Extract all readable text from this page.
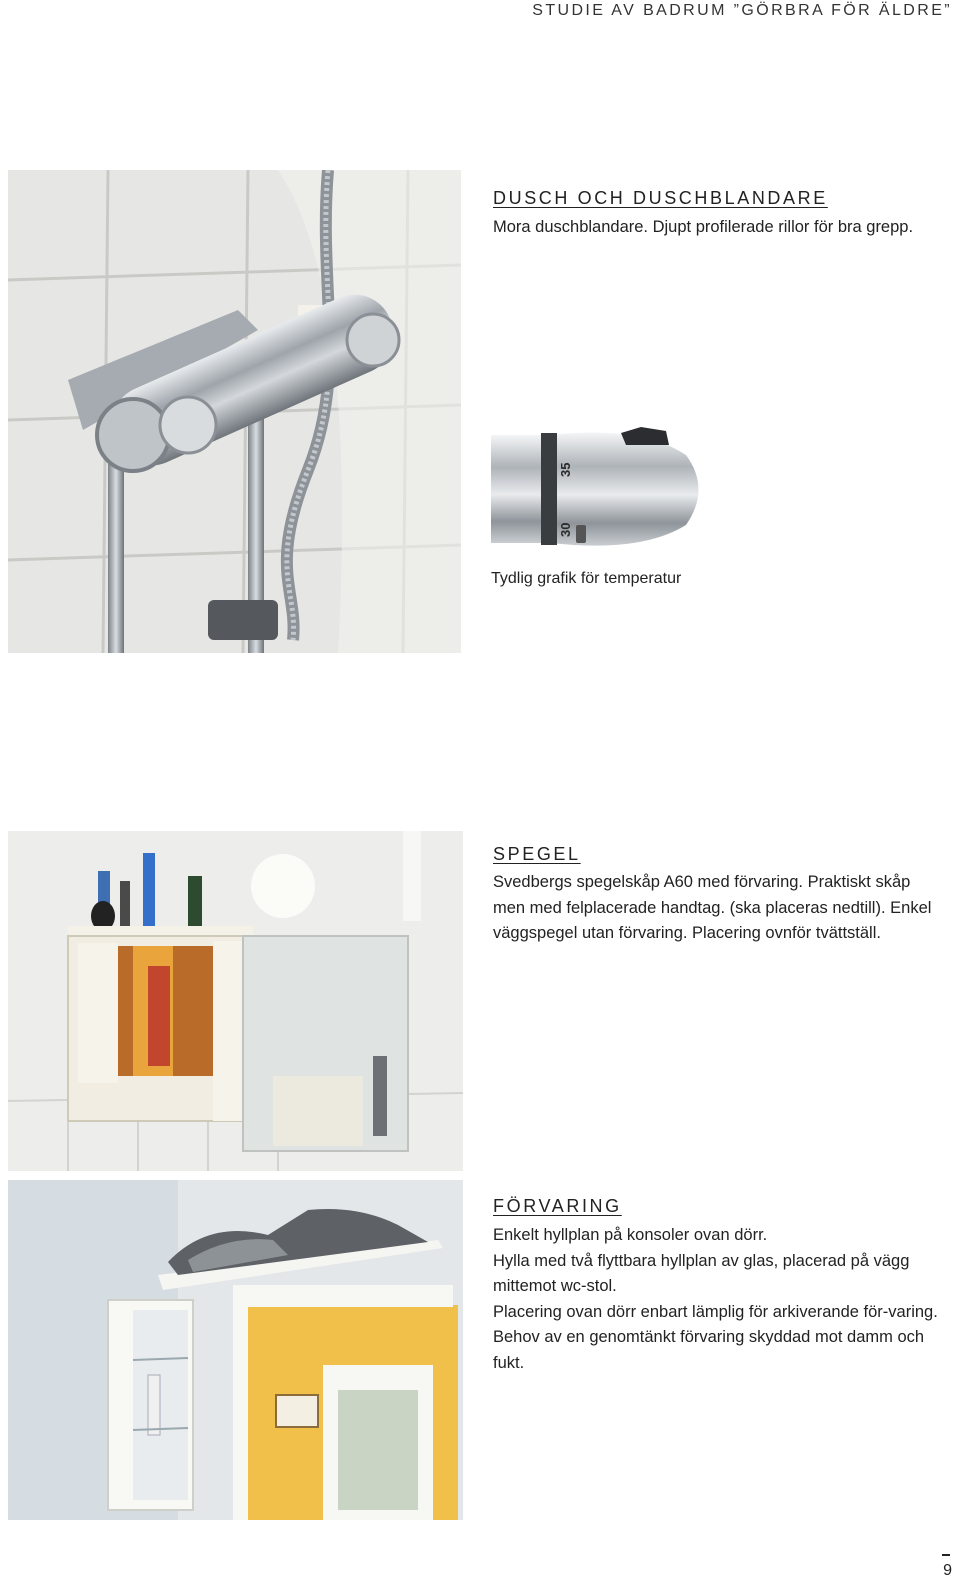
STUDIE AV BADRUM ”GÖRBRA FÖR ÄLDRE”
DUSCH OCH DUSCHBLANDARE
Mora duschblandare. Djupt profilerade rillor för bra grepp.
35
30
Tydlig grafik för temperatur
SPEGEL
Svedbergs spegelskåp A60 med förvaring. Praktiskt skåp men med felplacerade handtag. (ska placeras nedtill). Enkel väggspegel utan förvaring. Placering ovnför tvättställ.
FÖRVARING

Enkelt hyllplan på konsoler ovan dörr.

Hylla med två flyttbara hyllplan av glas, placerad på vägg mittemot wc-stol.

Placering ovan dörr enbart lämplig för arkiverande för-varing.

Behov av en genomtänkt förvaring skyddad mot damm och fukt.

9
